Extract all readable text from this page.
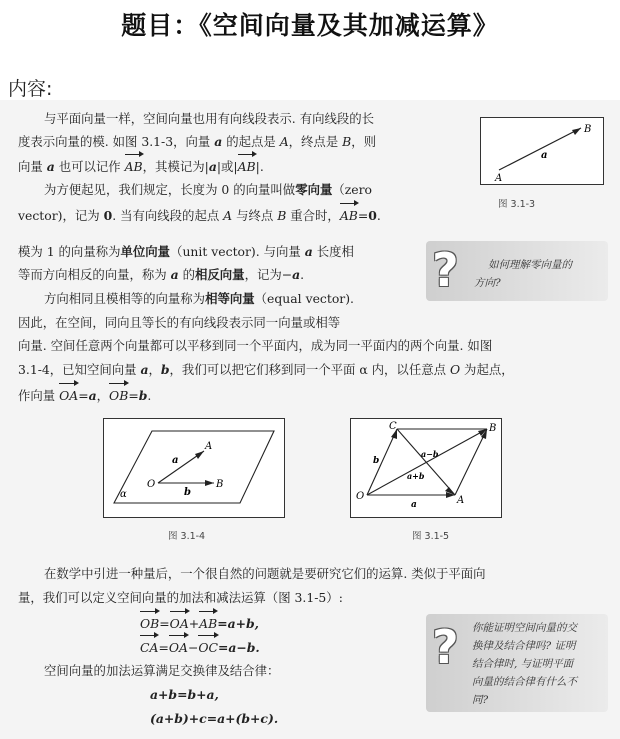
题目：《空间向量及其加减运算》
内容:
与平面向量一样，空间向量也用有向线段表示. 有向线段的长
度表示向量的模. 如图 3.1-3，向量 a 的起点是 A，终点是 B，则
向量 a 也可以记作 AB，其模记为|a|或|AB|.
为方便起见，我们规定，长度为 0 的向量叫做零向量（zero
vector)，记为 0. 当有向线段的起点 A 与终点 B 重合时，AB=0.
A
B
a
图 3.1-3
?	如何理解零向量的
方向?
模为 1 的向量称为单位向量（unit vector). 与向量 a 长度相
等而方向相反的向量，称为 a 的相反向量，记为−a.
方向相同且模相等的向量称为相等向量（equal vector).
因此，在空间，同向且等长的有向线段表示同一向量或相等
向量. 空间任意两个向量都可以平移到同一个平面内，成为同一平面内的两个向量. 如图
3.1-4，已知空间向量 a，b，我们可以把它们移到同一个平面 α 内，以任意点 O 为起点，
作向量 OA=a，OB=b.
O
A
B
a
b
α
图 3.1-4
O	A
B
C
a
b
a+b
a−b
图 3.1-5
在数学中引进一种量后，一个很自然的问题就是要研究它们的运算. 类似于平面向
量，我们可以定义空间向量的加法和减法运算（图 3.1-5）:
OB=OA+AB=a+b,
CA=OA−OC=a−b.
空间向量的加法运算满足交换律及结合律：
a+b=b+a,
(a+b)+c=a+(b+c).
? 你能证明空间向量的交
换律及结合律吗? 证明
结合律时, 与证明平面
向量的结合律有什么不
同?
